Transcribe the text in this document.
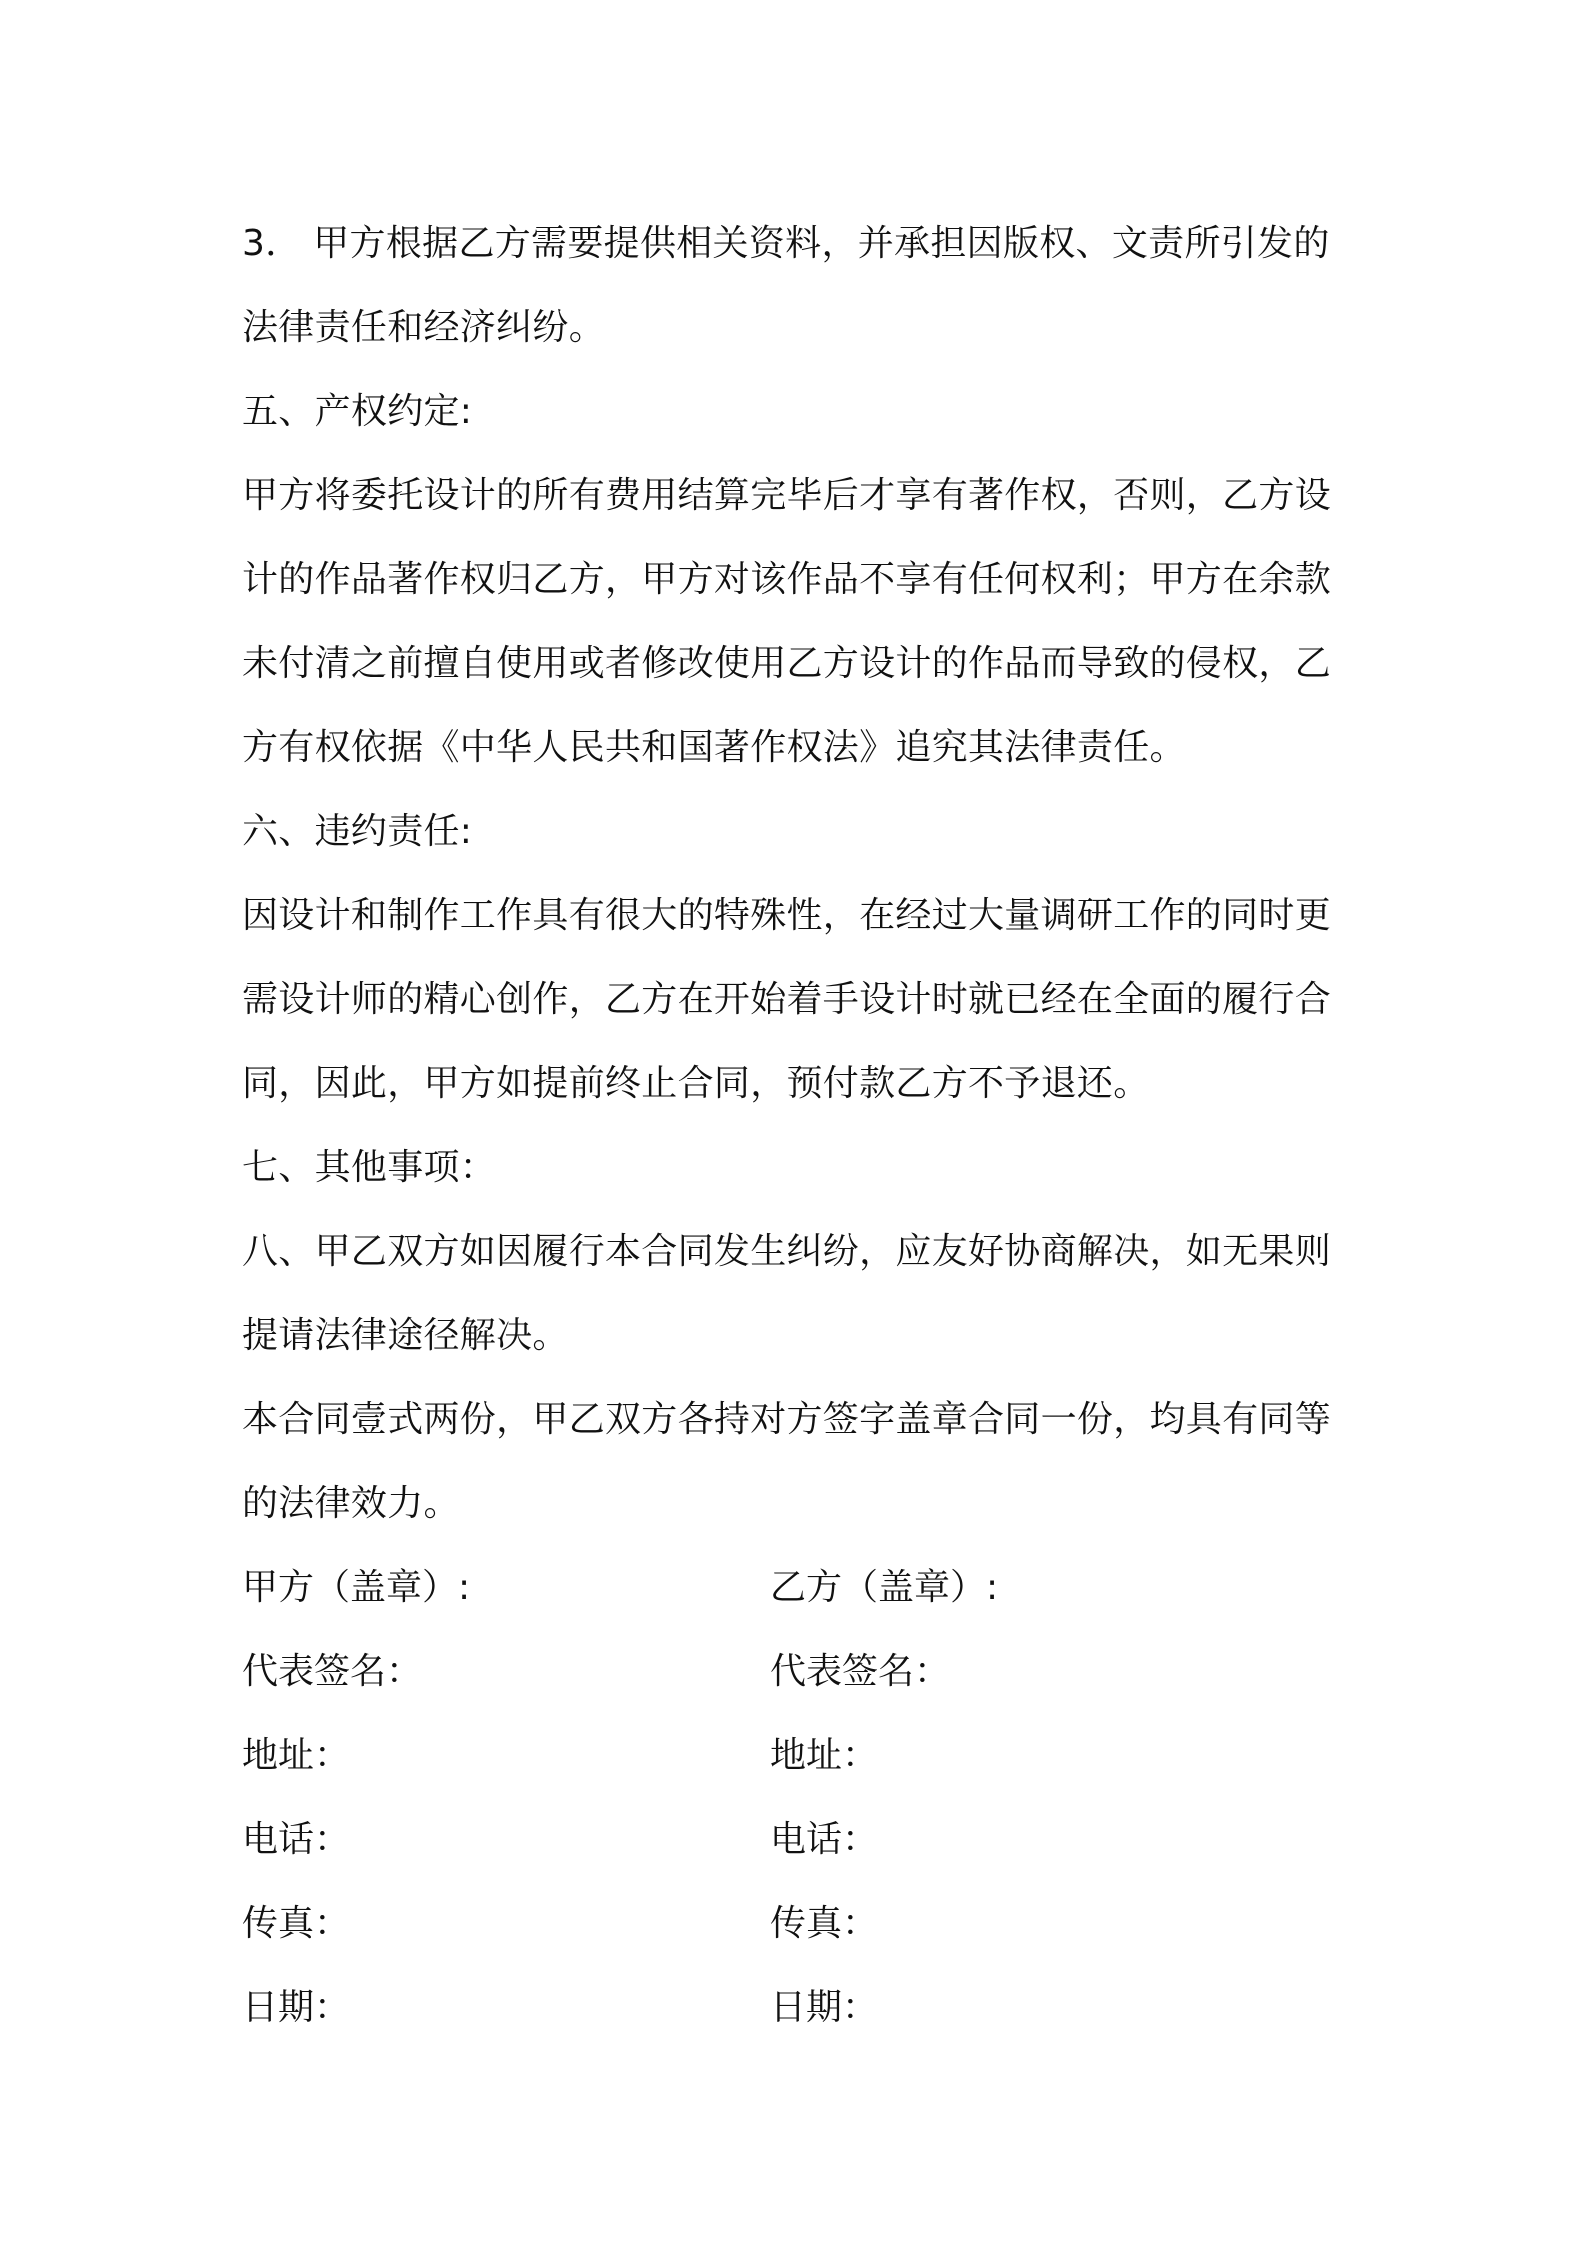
3． 甲方根据乙方需要提供相关资料，并承担因版权、文责所引发的
法律责任和经济纠纷。
五、产权约定:
甲方将委托设计的所有费用结算完毕后才享有著作权，否则，乙方设
计的作品著作权归乙方，甲方对该作品不享有任何权利；甲方在余款
未付清之前擅自使用或者修改使用乙方设计的作品而导致的侵权，乙
方有权依据《中华人民共和国著作权法》追究其法律责任。
六、违约责任:
因设计和制作工作具有很大的特殊性，在经过大量调研工作的同时更
需设计师的精心创作，乙方在开始着手设计时就已经在全面的履行合
同，因此，甲方如提前终止合同，预付款乙方不予退还。
七、其他事项：
八、甲乙双方如因履行本合同发生纠纷，应友好协商解决，如无果则
提请法律途径解决。
本合同壹式两份，甲乙双方各持对方签字盖章合同一份，均具有同等
的法律效力。
甲方（盖章）:	乙方（盖章）:
代表签名：	代表签名：
地址：	地址：
电话：	电话：
传真：	传真：
日期：	日期：
